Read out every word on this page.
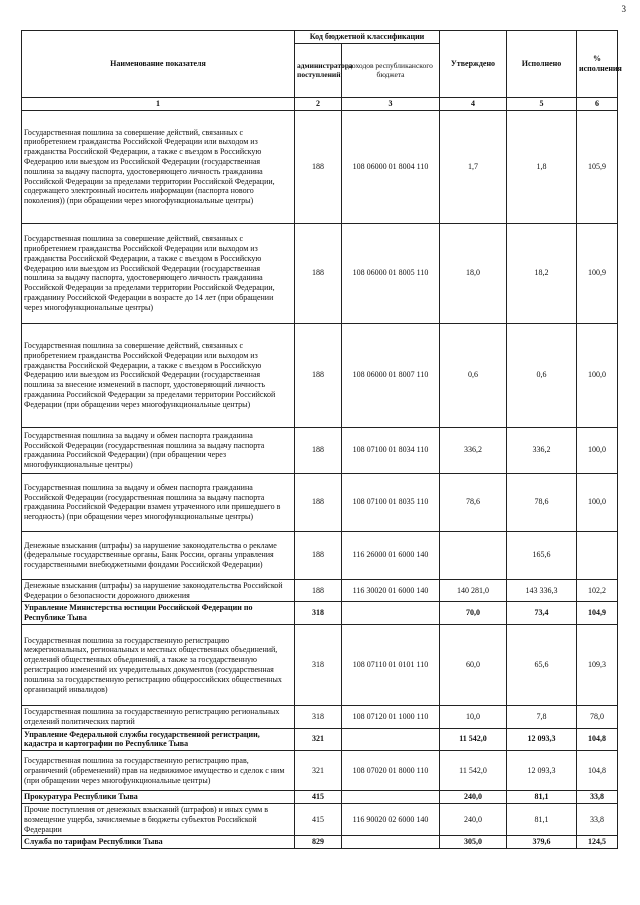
3
Наименование показателя	Код бюджетной классификации		Утверждено	Исполнено	% исполнения
	администратора поступлений	доходов республиканского бюджета			
1	2	3	4	5	6
Государственная пошлина за совершение действий, связанных с приобретением гражданства Российской Федерации или выходом из гражданства Российской Федерации, а также с въездом в Российскую Федерацию или выездом из Российской Федерации (государственная пошлина за выдачу паспорта, удостоверяющего личность гражданина Российской Федерации за пределами территории Российской Федерации, содержащего электронный носитель информации (паспорта нового поколения)) (при обращении через многофункциональные центры)	188	108 06000 01 8004 110	1,7	1,8	105,9
Государственная пошлина за совершение действий, связанных с приобретением гражданства Российской Федерации или выходом из гражданства Российской Федерации, а также с въездом в Российскую Федерацию или выездом из Российской Федерации (государственная пошлина за выдачу паспорта, удостоверяющего личность гражданина Российской Федерации за пределами территории Российской Федерации, гражданину Российской Федерации в возрасте до 14 лет (при обращении через многофункциональные центры)	188	108 06000 01 8005 110	18,0	18,2	100,9
Государственная пошлина за совершение действий, связанных с приобретением гражданства Российской Федерации или выходом из гражданства Российской Федерации, а также с въездом в Российскую Федерацию или выездом из Российской Федерации (государственная пошлина за внесение изменений в паспорт, удостоверяющий личность гражданина Российской Федерации за пределами территории Российской Федерации (при обращении через многофункциональные центры)	188	108 06000 01 8007 110	0,6	0,6	100,0
Государственная пошлина за выдачу и обмен паспорта гражданина Российской Федерации (государственная пошлина за выдачу паспорта гражданина Российской Федерации) (при обращении через многофункциональные центры)	188	108 07100 01 8034 110	336,2	336,2	100,0
Государственная пошлина за выдачу и обмен паспорта гражданина Российской Федерации (государственная пошлина за выдачу паспорта гражданина Российской Федерации взамен утраченного или пришедшего в негодность) (при обращении через многофункциональные центры)	188	108 07100 01 8035 110	78,6	78,6	100,0
Денежные взыскания (штрафы) за нарушение законодательства о рекламе (федеральные государственные органы, Банк России, органы управления государственными внебюджетными фондами Российской Федерации)	188	116 26000 01 6000 140		165,6	
Денежные взыскания (штрафы) за нарушение законодательства Российской Федерации о безопасности дорожного движения	188	116 30020 01 6000 140	140 281,0	143 336,3	102,2
Управление Министерства юстиции Российской Федерации по Республике Тыва	318		70,0	73,4	104,9
Государственная пошлина за государственную регистрацию межрегиональных, региональных и местных общественных объединений, отделений общественных объединений, а также за государственную регистрацию изменений их учредительных документов (государственная пошлина за государственную регистрацию общероссийских общественных организаций инвалидов)	318	108 07110 01 0101 110	60,0	65,6	109,3
Государственная пошлина за государственную регистрацию региональных отделений политических партий	318	108 07120 01 1000 110	10,0	7,8	78,0
Управление Федеральной службы государственной регистрации, кадастра и картографии по Республике Тыва	321		11 542,0	12 093,3	104,8
Государственная пошлина за государственную регистрацию прав, ограничений (обременений) прав на недвижимое имущество и сделок с ним (при обращении через многофункциональные центры)	321	108 07020 01 8000 110	11 542,0	12 093,3	104,8
Прокуратура Республики Тыва	415		240,0	81,1	33,8
Прочие поступления от денежных взысканий (штрафов) и иных сумм в возмещение ущерба, зачисляемые в бюджеты субъектов Российской Федерации	415	116 90020 02 6000 140	240,0	81,1	33,8
Служба по тарифам Республики Тыва	829		305,0	379,6	124,5
